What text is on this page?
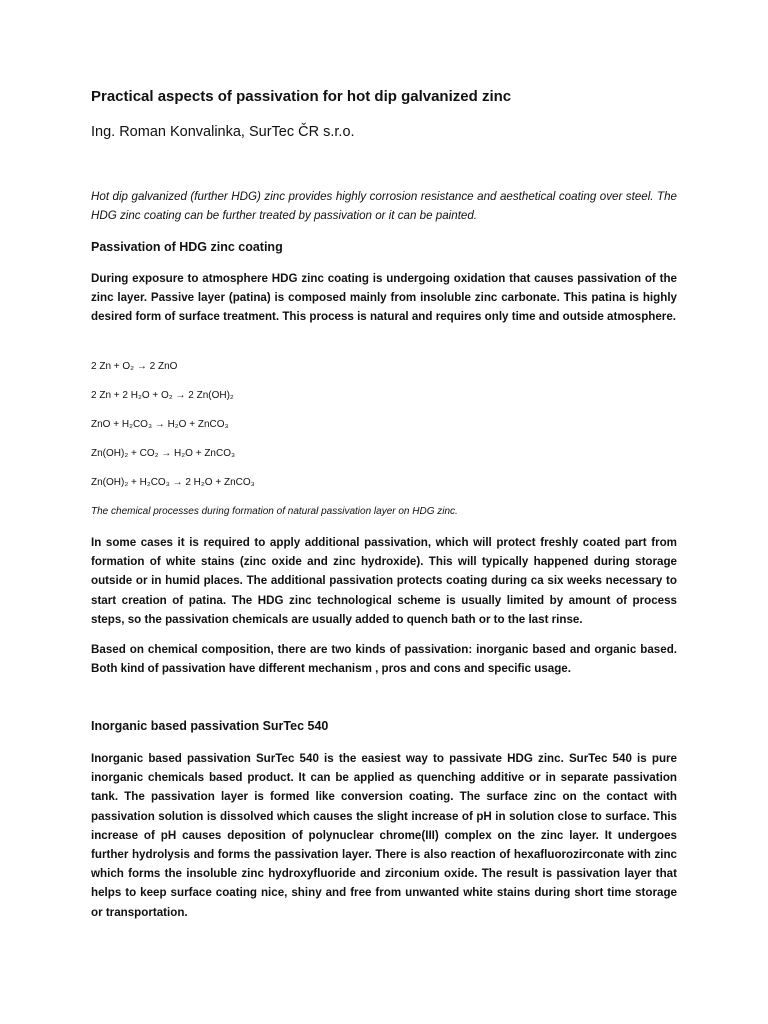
Practical aspects of passivation for hot dip galvanized zinc

Ing. Roman Konvalinka, SurTec ČR s.r.o.

Hot dip galvanized (further HDG) zinc provides highly corrosion resistance and aesthetical coating over steel. The HDG zinc coating can be further treated by passivation or it can be painted.

Passivation of HDG zinc coating

During exposure to atmosphere HDG zinc coating is undergoing oxidation that causes passivation of the zinc layer. Passive layer (patina) is composed mainly from insoluble zinc carbonate. This patina is highly desired form of surface treatment. This process is natural and requires only time and outside atmosphere.

2 Zn + O₂ → 2 ZnO

2 Zn + 2 H₂O + O₂ → 2 Zn(OH)₂

ZnO + H₂CO₃ → H₂O + ZnCO₃

Zn(OH)₂ + CO₂ → H₂O + ZnCO₃

Zn(OH)₂ + H₂CO₃ → 2 H₂O + ZnCO₃

The chemical processes during formation of natural passivation layer on HDG zinc.

In some cases it is required to apply additional passivation, which will protect freshly coated part from formation of white stains (zinc oxide and zinc hydroxide). This will typically happened during storage outside or in humid places. The additional passivation protects coating during ca six weeks necessary to start creation of patina. The HDG zinc technological scheme is usually limited by amount of process steps, so the passivation chemicals are usually added to quench bath or to the last rinse.

Based on chemical composition, there are two kinds of passivation: inorganic based and organic based. Both kind of passivation have different mechanism , pros and cons and specific usage.

Inorganic based passivation SurTec 540

Inorganic based passivation SurTec 540 is the easiest way to passivate HDG zinc. SurTec 540 is pure inorganic chemicals based product. It can be applied as quenching additive or in separate passivation tank. The passivation layer is formed like conversion coating. The surface zinc on the contact with passivation solution is dissolved which causes the slight increase of pH in solution close to surface. This increase of pH causes deposition of polynuclear chrome(III) complex on the zinc layer. It undergoes further hydrolysis and forms the passivation layer. There is also reaction of hexafluorozirconate with zinc which forms the insoluble zinc hydroxyfluoride and zirconium oxide. The result is passivation layer that helps to keep surface coating nice, shiny and free from unwanted white stains during short time storage or transportation.
